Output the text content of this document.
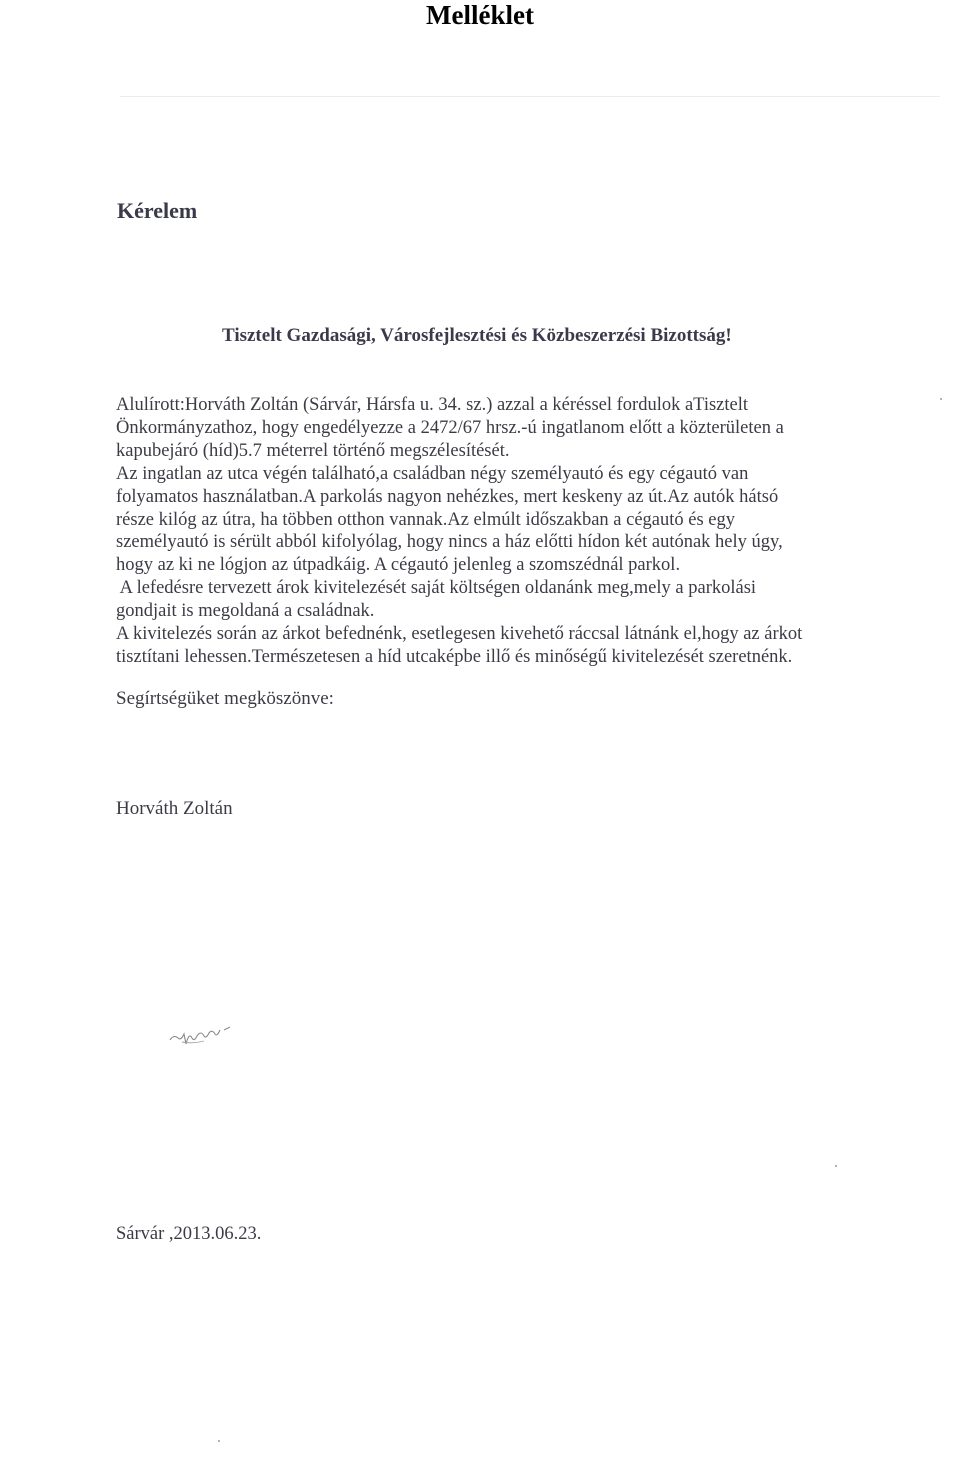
Melléklet
Kérelem
Tisztelt Gazdasági, Városfejlesztési és Közbeszerzési Bizottság!
Alulírott:Horváth Zoltán (Sárvár, Hársfa u. 34. sz.) azzal a kéréssel fordulok aTisztelt
Önkormányzathoz, hogy engedélyezze a 2472/67 hrsz.-ú ingatlanom előtt a közterületen a
kapubejáró (híd)5.7 méterrel történő megszélesítését.
Az ingatlan az utca végén található,a családban négy személyautó és egy cégautó van
folyamatos használatban.A parkolás nagyon nehézkes, mert keskeny az út.Az autók hátsó
része kilóg az útra, ha többen otthon vannak.Az elmúlt időszakban a cégautó és egy
személyautó is sérült abból kifolyólag, hogy nincs a ház előtti hídon két autónak hely úgy,
hogy az ki ne lógjon az útpadkáig. A cégautó jelenleg a szomszédnál parkol.
A lefedésre tervezett árok kivitelezését saját költségen oldanánk meg,mely a parkolási
gondjait is megoldaná a családnak.
A kivitelezés során az árkot befednénk, esetlegesen kivehető ráccsal látnánk el,hogy az árkot
tisztítani lehessen.Természetesen a híd utcaképbe illő és minőségű kivitelezését szeretnénk.
Segírtségüket megköszönve:
Horváth Zoltán
Sárvár ,2013.06.23.
